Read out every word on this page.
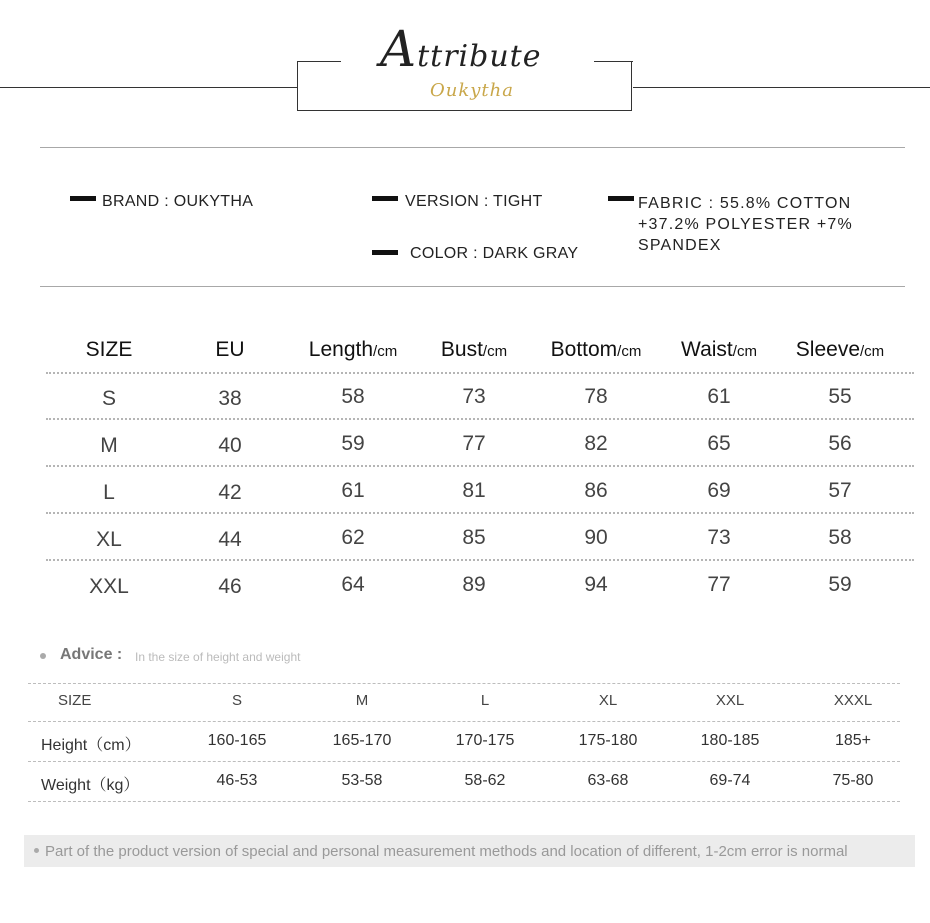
Attribute
Oukytha
BRAND : OUKYTHA	VERSION : TIGHT
COLOR : DARK GRAY
FABRIC : 55.8% COTTON +37.2% POLYESTER +7% SPANDEX
SIZE	EU	Length/cm	Bust/cm	Bottom/cm	Waist/cm	Sleeve/cm
S	38	58	73	78	61	55
M	40	59	77	82	65	56
L	42	61	81	86	69	57
XL	44	62	85	90	73	58
XXL	46	64	89	94	77	59
Advice : In the size of height and weight
SIZE	S	M	L	XL	XXL	XXXL
Height（cm）	160-165	165-170	170-175	175-180	180-185	185+
Weight（kg）	46-53	53-58	58-62	63-68	69-74	75-80
Part of the product version of special and personal measurement methods and location of different, 1-2cm error is normal
